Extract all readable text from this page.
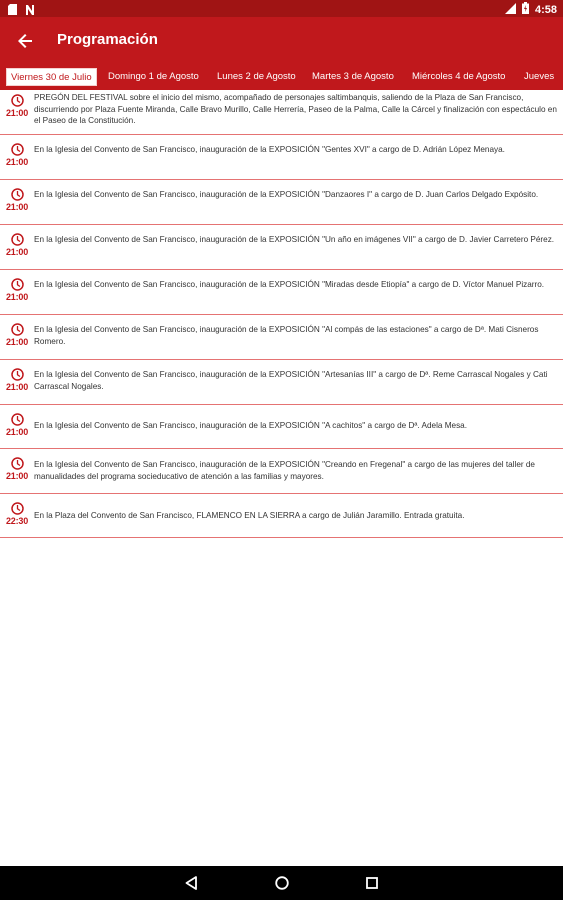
4:58
Programación
Viernes 30 de Julio	Domingo 1 de Agosto Lunes 2 de Agosto Martes 3 de Agosto Miércoles 4 de Agosto Jueves
21:00
PREGÓN DEL FESTIVAL sobre el inicio del mismo, acompañado de personajes saltimbanquis, saliendo de la Plaza de San Francisco, discurriendo por Plaza Fuente Miranda, Calle Bravo Murillo, Calle Herrería, Paseo de la Palma, Calle la Cárcel y finalización con espectáculo en el Paseo de la Constitución.
21:00
En la Iglesia del Convento de San Francisco, inauguración de la EXPOSICIÓN "Gentes XVI" a cargo de D. Adrián López Menaya.
21:00
En la Iglesia del Convento de San Francisco, inauguración de la EXPOSICIÓN "Danzaores I" a cargo de D. Juan Carlos Delgado Expósito.
21:00
En la Iglesia del Convento de San Francisco, inauguración de la EXPOSICIÓN "Un año en imágenes VII" a cargo de D. Javier Carretero Pérez.
21:00
En la Iglesia del Convento de San Francisco, inauguración de la EXPOSICIÓN "Miradas desde Etiopía" a cargo de D. Víctor Manuel Pizarro.
21:00
En la Iglesia del Convento de San Francisco, inauguración de la EXPOSICIÓN "Al compás de las estaciones" a cargo de Dª. Mati Cisneros Romero.
21:00
En la Iglesia del Convento de San Francisco, inauguración de la EXPOSICIÓN "Artesanías III" a cargo de Dª. Reme Carrascal Nogales y Cati Carrascal Nogales.
21:00
En la Iglesia del Convento de San Francisco, inauguración de la EXPOSICIÓN "A cachitos" a cargo de Dª. Adela Mesa.
21:00
En la Iglesia del Convento de San Francisco, inauguración de la EXPOSICIÓN "Creando en Fregenal" a cargo de las mujeres del taller de manualidades del programa socieducativo de atención a las familias y mayores.
22:30
En la Plaza del Convento de San Francisco, FLAMENCO EN LA SIERRA a cargo de Julián Jaramillo. Entrada gratuita.
